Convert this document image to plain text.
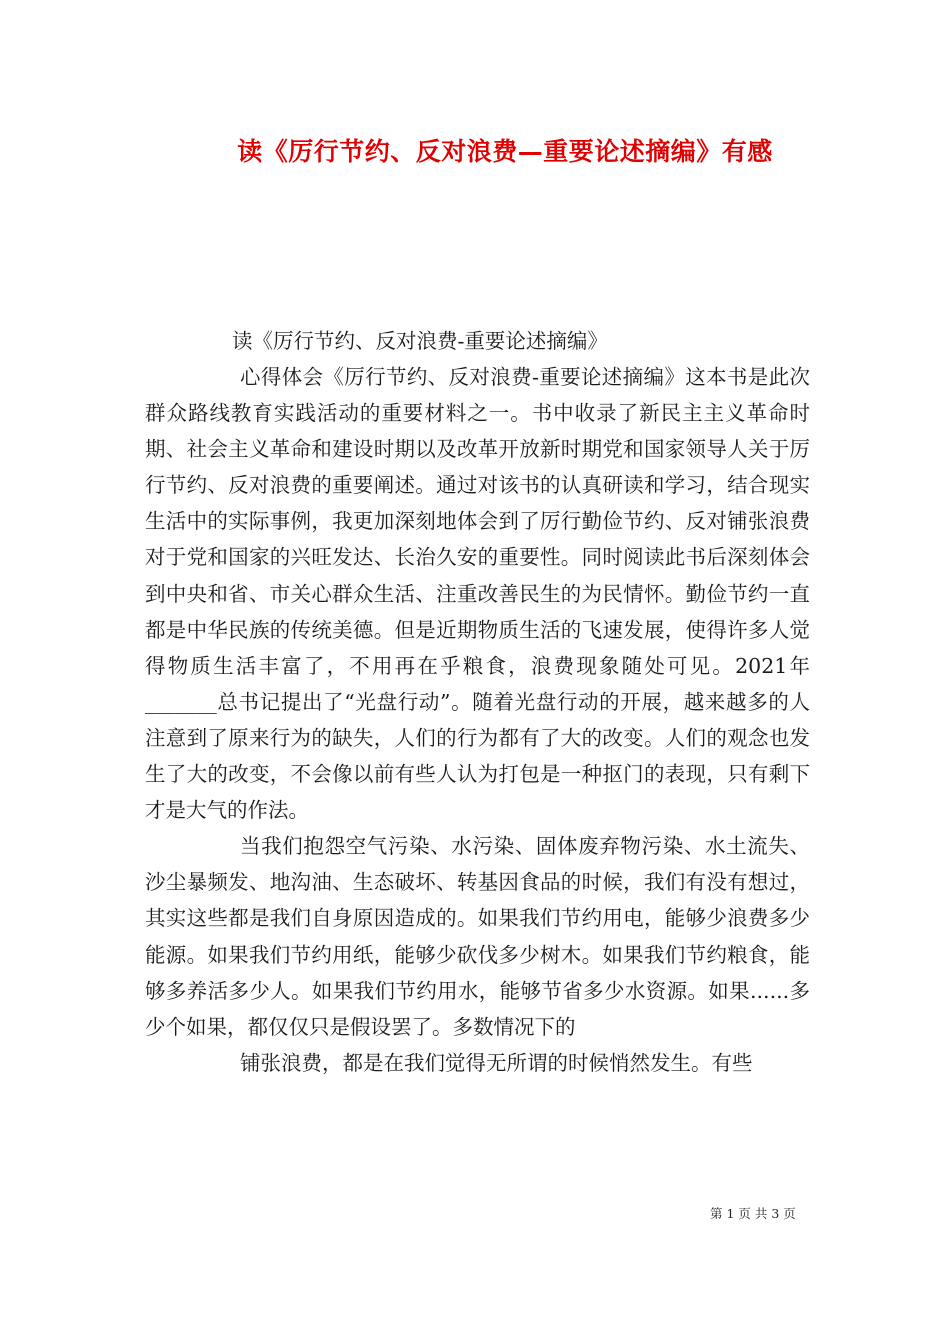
读《厉行节约、反对浪费—重要论述摘编》有感
读《厉行节约、反对浪费-重要论述摘编》

心得体会《厉行节约、反对浪费-重要论述摘编》这本书是此次群众路线教育实践活动的重要材料之一。书中收录了新民主主义革命时期、社会主义革命和建设时期以及改革开放新时期党和国家领导人关于厉行节约、反对浪费的重要阐述。通过对该书的认真研读和学习，结合现实生活中的实际事例，我更加深刻地体会到了厉行勤俭节约、反对铺张浪费对于党和国家的兴旺发达、长治久安的重要性。同时阅读此书后深刻体会到中央和省、市关心群众生活、注重改善民生的为民情怀。勤俭节约一直都是中华民族的传统美德。但是近期物质生活的飞速发展，使得许多人觉得物质生活丰富了，不用再在乎粮食，浪费现象随处可见。2021年_______总书记提出了“光盘行动”。随着光盘行动的开展，越来越多的人注意到了原来行为的缺失，人们的行为都有了大的改变。人们的观念也发生了大的改变，不会像以前有些人认为打包是一种抠门的表现，只有剩下才是大气的作法。

当我们抱怨空气污染、水污染、固体废弃物污染、水土流失、沙尘暴频发、地沟油、生态破坏、转基因食品的时候，我们有没有想过，其实这些都是我们自身原因造成的。如果我们节约用电，能够少浪费多少能源。如果我们节约用纸，能够少砍伐多少树木。如果我们节约粮食，能够多养活多少人。如果我们节约用水，能够节省多少水资源。如果......多少个如果，都仅仅只是假设罢了。多数情况下的

铺张浪费，都是在我们觉得无所谓的时候悄然发生。有些

第 1 页 共 3 页
